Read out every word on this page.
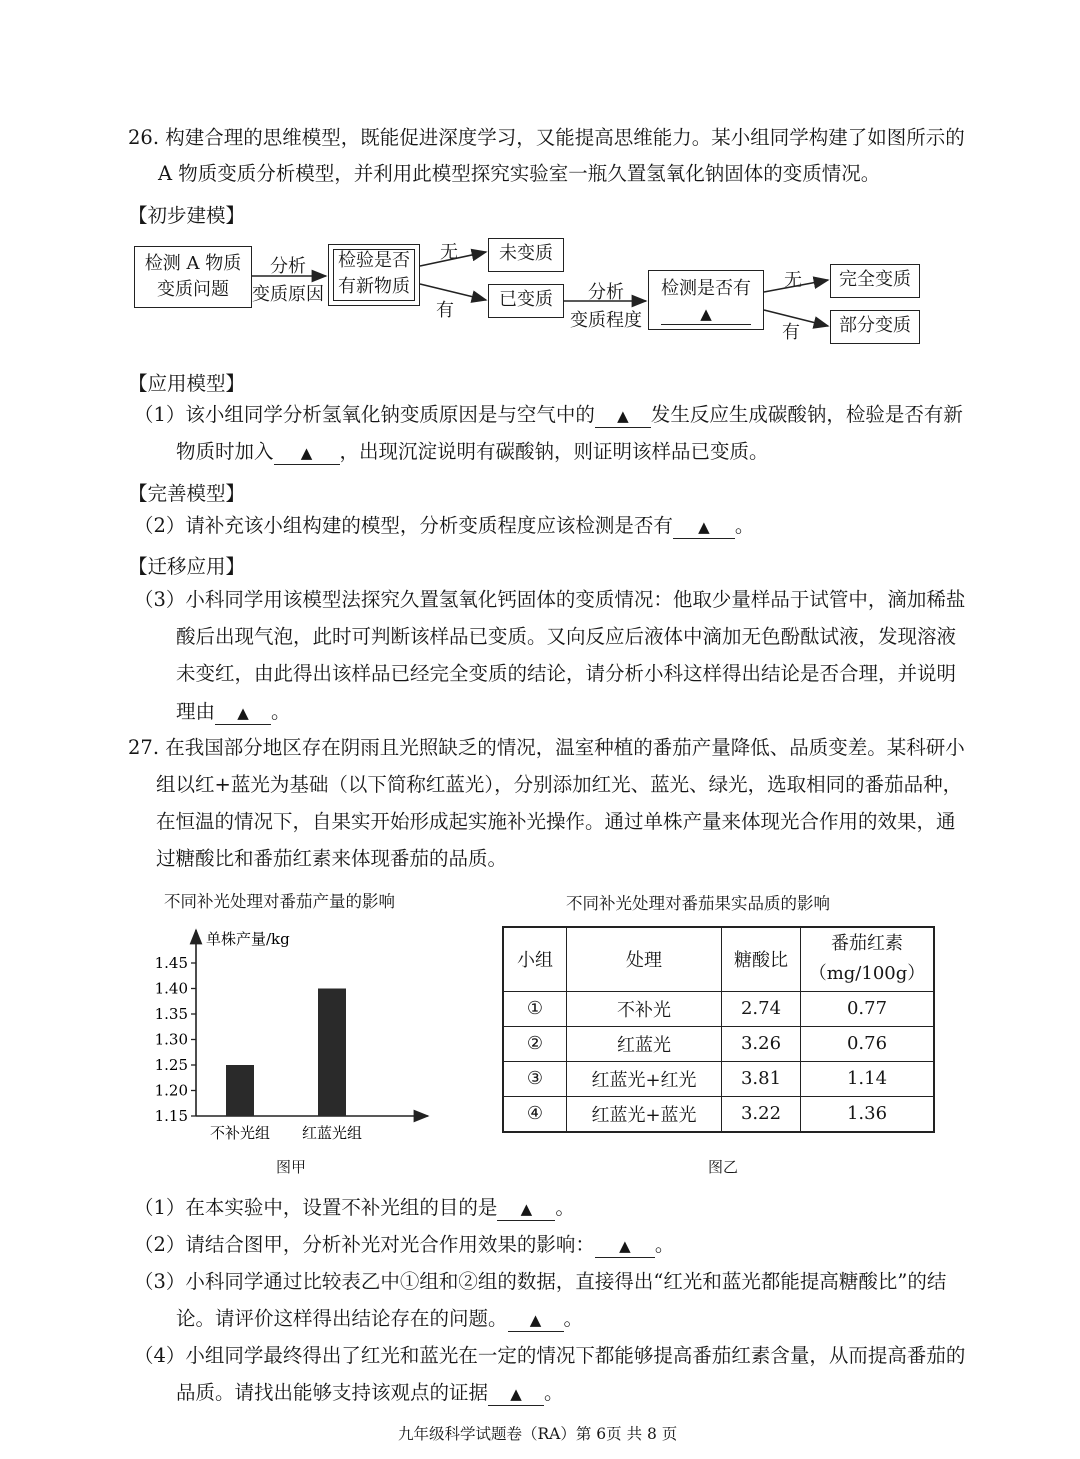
26. 构建合理的思维模型，既能促进深度学习，又能提高思维能力。某小组同学构建了如图所示的
A 物质变质分析模型，并利用此模型探究实验室一瓶久置氢氧化钠固体的变质情况。
【初步建模】
检测 A 物质
变质问题
分析
变质原因
检验是否
有新物质
无
有
未变质
已变质	分析
变质程度
检测是否有
▲
无
有
完全变质
部分变质
【应用模型】
（1）该小组同学分析氢氧化钠变质原因是与空气中的 ▲ 发生反应生成碳酸钠，检验是否有新
物质时加入 ▲ ，出现沉淀说明有碳酸钠，则证明该样品已变质。
【完善模型】
（2）请补充该小组构建的模型，分析变质程度应该检测是否有 ▲ 。
【迁移应用】
（3）小科同学用该模型法探究久置氢氧化钙固体的变质情况：他取少量样品于试管中，滴加稀盐
酸后出现气泡，此时可判断该样品已变质。又向反应后液体中滴加无色酚酞试液，发现溶液
未变红，由此得出该样品已经完全变质的结论，请分析小科这样得出结论是否合理，并说明
理由 ▲ 。
27. 在我国部分地区存在阴雨且光照缺乏的情况，温室种植的番茄产量降低、品质变差。某科研小
组以红+蓝光为基础（以下简称红蓝光），分别添加红光、蓝光、绿光，选取相同的番茄品种，
在恒温的情况下，自果实开始形成起实施补光操作。通过单株产量来体现光合作用的效果，通
过糖酸比和番茄红素来体现番茄的品质。
不同补光处理对番茄产量的影响
单株产量/kg
1.15
1.20
1.25
1.30
1.35
1.40
1.45
不补光组 红蓝光组
图甲
不同补光处理对番茄果实品质的影响
小组	处理	糖酸比	番茄红素
（mg/100g）

①	不补光	2.74	0.77
②	红蓝光	3.26	0.76
③	红蓝光+红光	3.81	1.14
④	红蓝光+蓝光	3.22	1.36
图乙
（1）在本实验中，设置不补光组的目的是 ▲ 。
（2）请结合图甲，分析补光对光合作用效果的影响： ▲ 。
（3）小科同学通过比较表乙中①组和②组的数据，直接得出“红光和蓝光都能提高糖酸比”的结
论。请评价这样得出结论存在的问题。 ▲ 。
（4）小组同学最终得出了红光和蓝光在一定的情况下都能够提高番茄红素含量，从而提高番茄的
品质。请找出能够支持该观点的证据 ▲ 。
九年级科学试题卷（RA）第 6页 共 8 页
